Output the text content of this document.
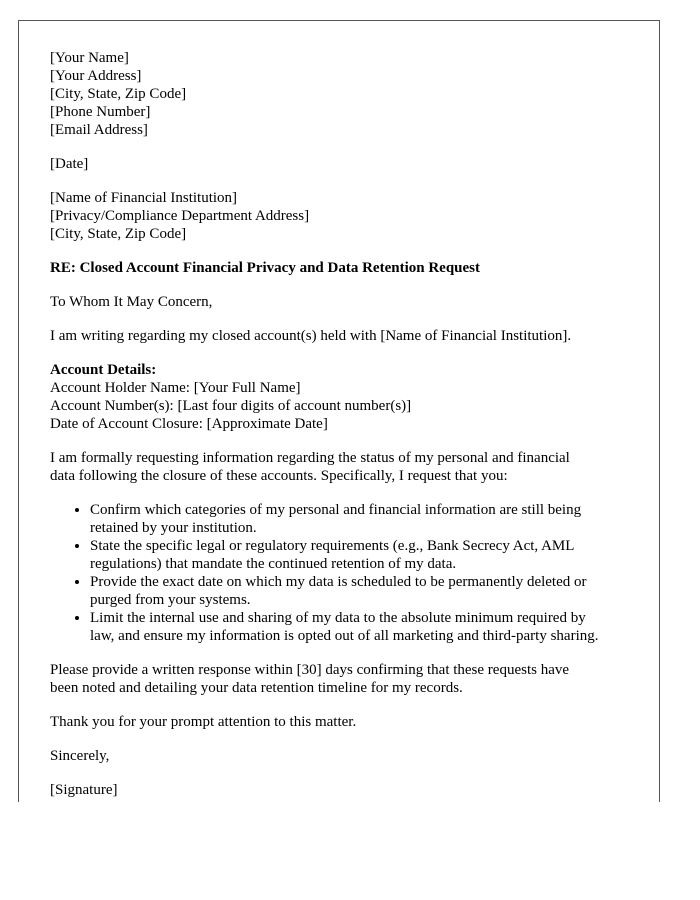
[Your Name]
[Your Address]
[City, State, Zip Code]
[Phone Number]
[Email Address]
[Date]
[Name of Financial Institution]
[Privacy/Compliance Department Address]
[City, State, Zip Code]
RE: Closed Account Financial Privacy and Data Retention Request
To Whom It May Concern,
I am writing regarding my closed account(s) held with [Name of Financial Institution].
Account Details:
Account Holder Name: [Your Full Name]
Account Number(s): [Last four digits of account number(s)]
Date of Account Closure: [Approximate Date]
I am formally requesting information regarding the status of my personal and financial
data following the closure of these accounts. Specifically, I request that you:
• Confirm which categories of my personal and financial information are still being
retained by your institution.
• State the specific legal or regulatory requirements (e.g., Bank Secrecy Act, AML
regulations) that mandate the continued retention of my data.
• Provide the exact date on which my data is scheduled to be permanently deleted or
purged from your systems.
• Limit the internal use and sharing of my data to the absolute minimum required by
law, and ensure my information is opted out of all marketing and third-party sharing.
Please provide a written response within [30] days confirming that these requests have
been noted and detailing your data retention timeline for my records.
Thank you for your prompt attention to this matter.
Sincerely,
[Signature]
